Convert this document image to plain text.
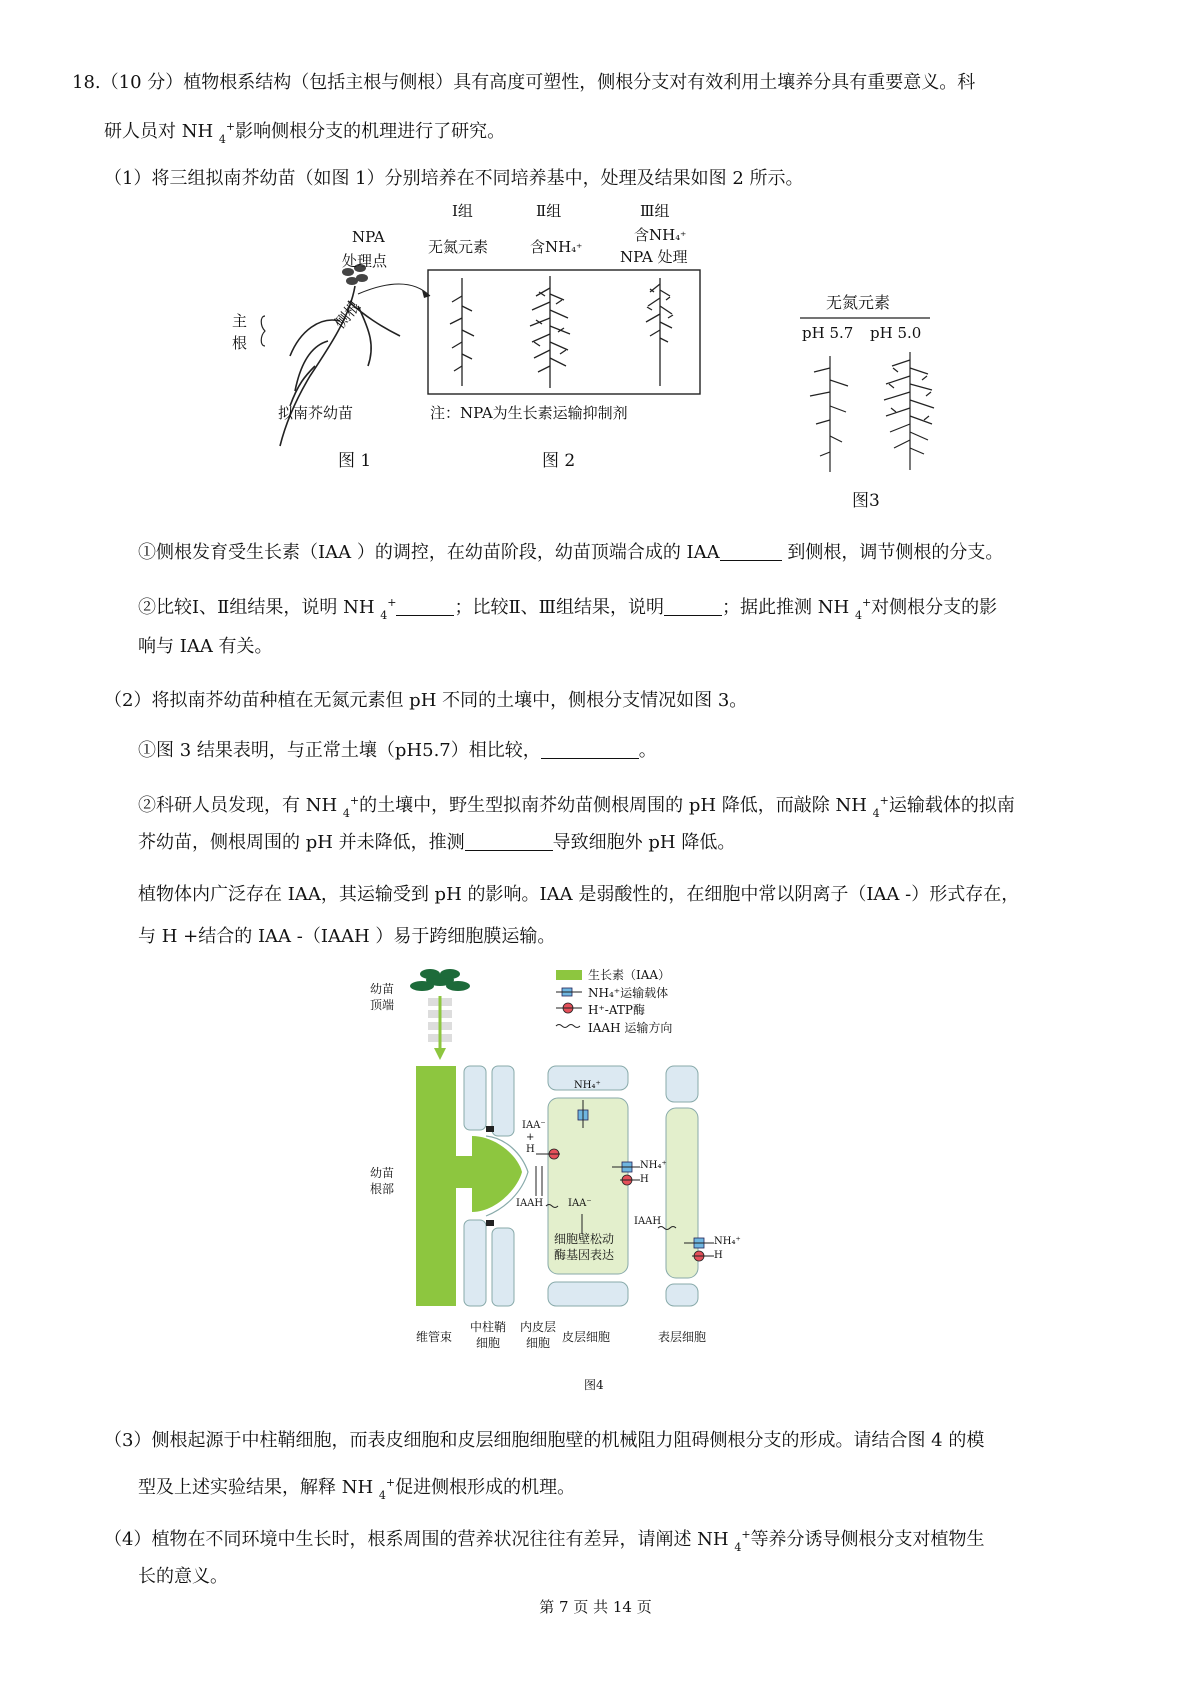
18.（10 分）植物根系结构（包括主根与侧根）具有高度可塑性，侧根分支对有效利用土壤养分具有重要意义。科
研人员对 NH $_4$+影响侧根分支的机理进行了研究。
（1）将三组拟南芥幼苗（如图 1）分别培养在不同培养基中，处理及结果如图 2 所示。
①侧根发育受生长素（IAA ）的调控，在幼苗阶段，幼苗顶端合成的 IAA	到侧根，调节侧根的分支。
②比较Ⅰ、Ⅱ组结果，说明 NH $_4$+	；比较Ⅱ、Ⅲ组结果，说明	；据此推测 NH $_4$+对侧根分支的影
响与 IAA 有关。
（2）将拟南芥幼苗种植在无氮元素但 pH 不同的土壤中，侧根分支情况如图 3。
①图 3 结果表明，与正常土壤（pH5.7）相比较，	。
②科研人员发现，有 NH $_4$+的土壤中，野生型拟南芥幼苗侧根周围的 pH 降低，而敲除 NH $_4$+运输载体的拟南
芥幼苗，侧根周围的 pH 并未降低，推测	导致细胞外 pH 降低。
植物体内广泛存在 IAA，其运输受到 pH 的影响。IAA 是弱酸性的，在细胞中常以阴离子（IAA -）形式存在，
与 H +结合的 IAA -（IAAH ）易于跨细胞膜运输。
（3）侧根起源于中柱鞘细胞，而表皮细胞和皮层细胞细胞壁的机械阻力阻碍侧根分支的形成。请结合图 4 的模
型及上述实验结果，解释 NH $_4$+促进侧根形成的机理。
（4）植物在不同环境中生长时，根系周围的营养状况往往有差异，请阐述 NH $_4$+等养分诱导侧根分支对植物生
长的意义。
第 7 页 共 14 页
NPA
处理点
主
根
侧根
拟南芥幼苗
Ⅰ组	Ⅱ组	Ⅲ组
无氮元素	含NH₄⁺
含NH₄⁺
NPA 处理
注：NPA为生长素运输抑制剂
图 1	图 2
无氮元素
pH 5.7 pH 5.0
图3
生长素（IAA）
NH₄⁺运输载体
H⁺-ATP酶
IAAH 运输方向
幼苗
顶端
幼苗
根部
维管束
中柱鞘
细胞
内皮层
细胞 皮层细胞	表层细胞
细胞壁松动
酶基因表达
IAA⁻
+
H
IAAH IAA⁻
IAAH
NH₄⁺
NH₄⁺
H
NH₄⁺
H
图4
